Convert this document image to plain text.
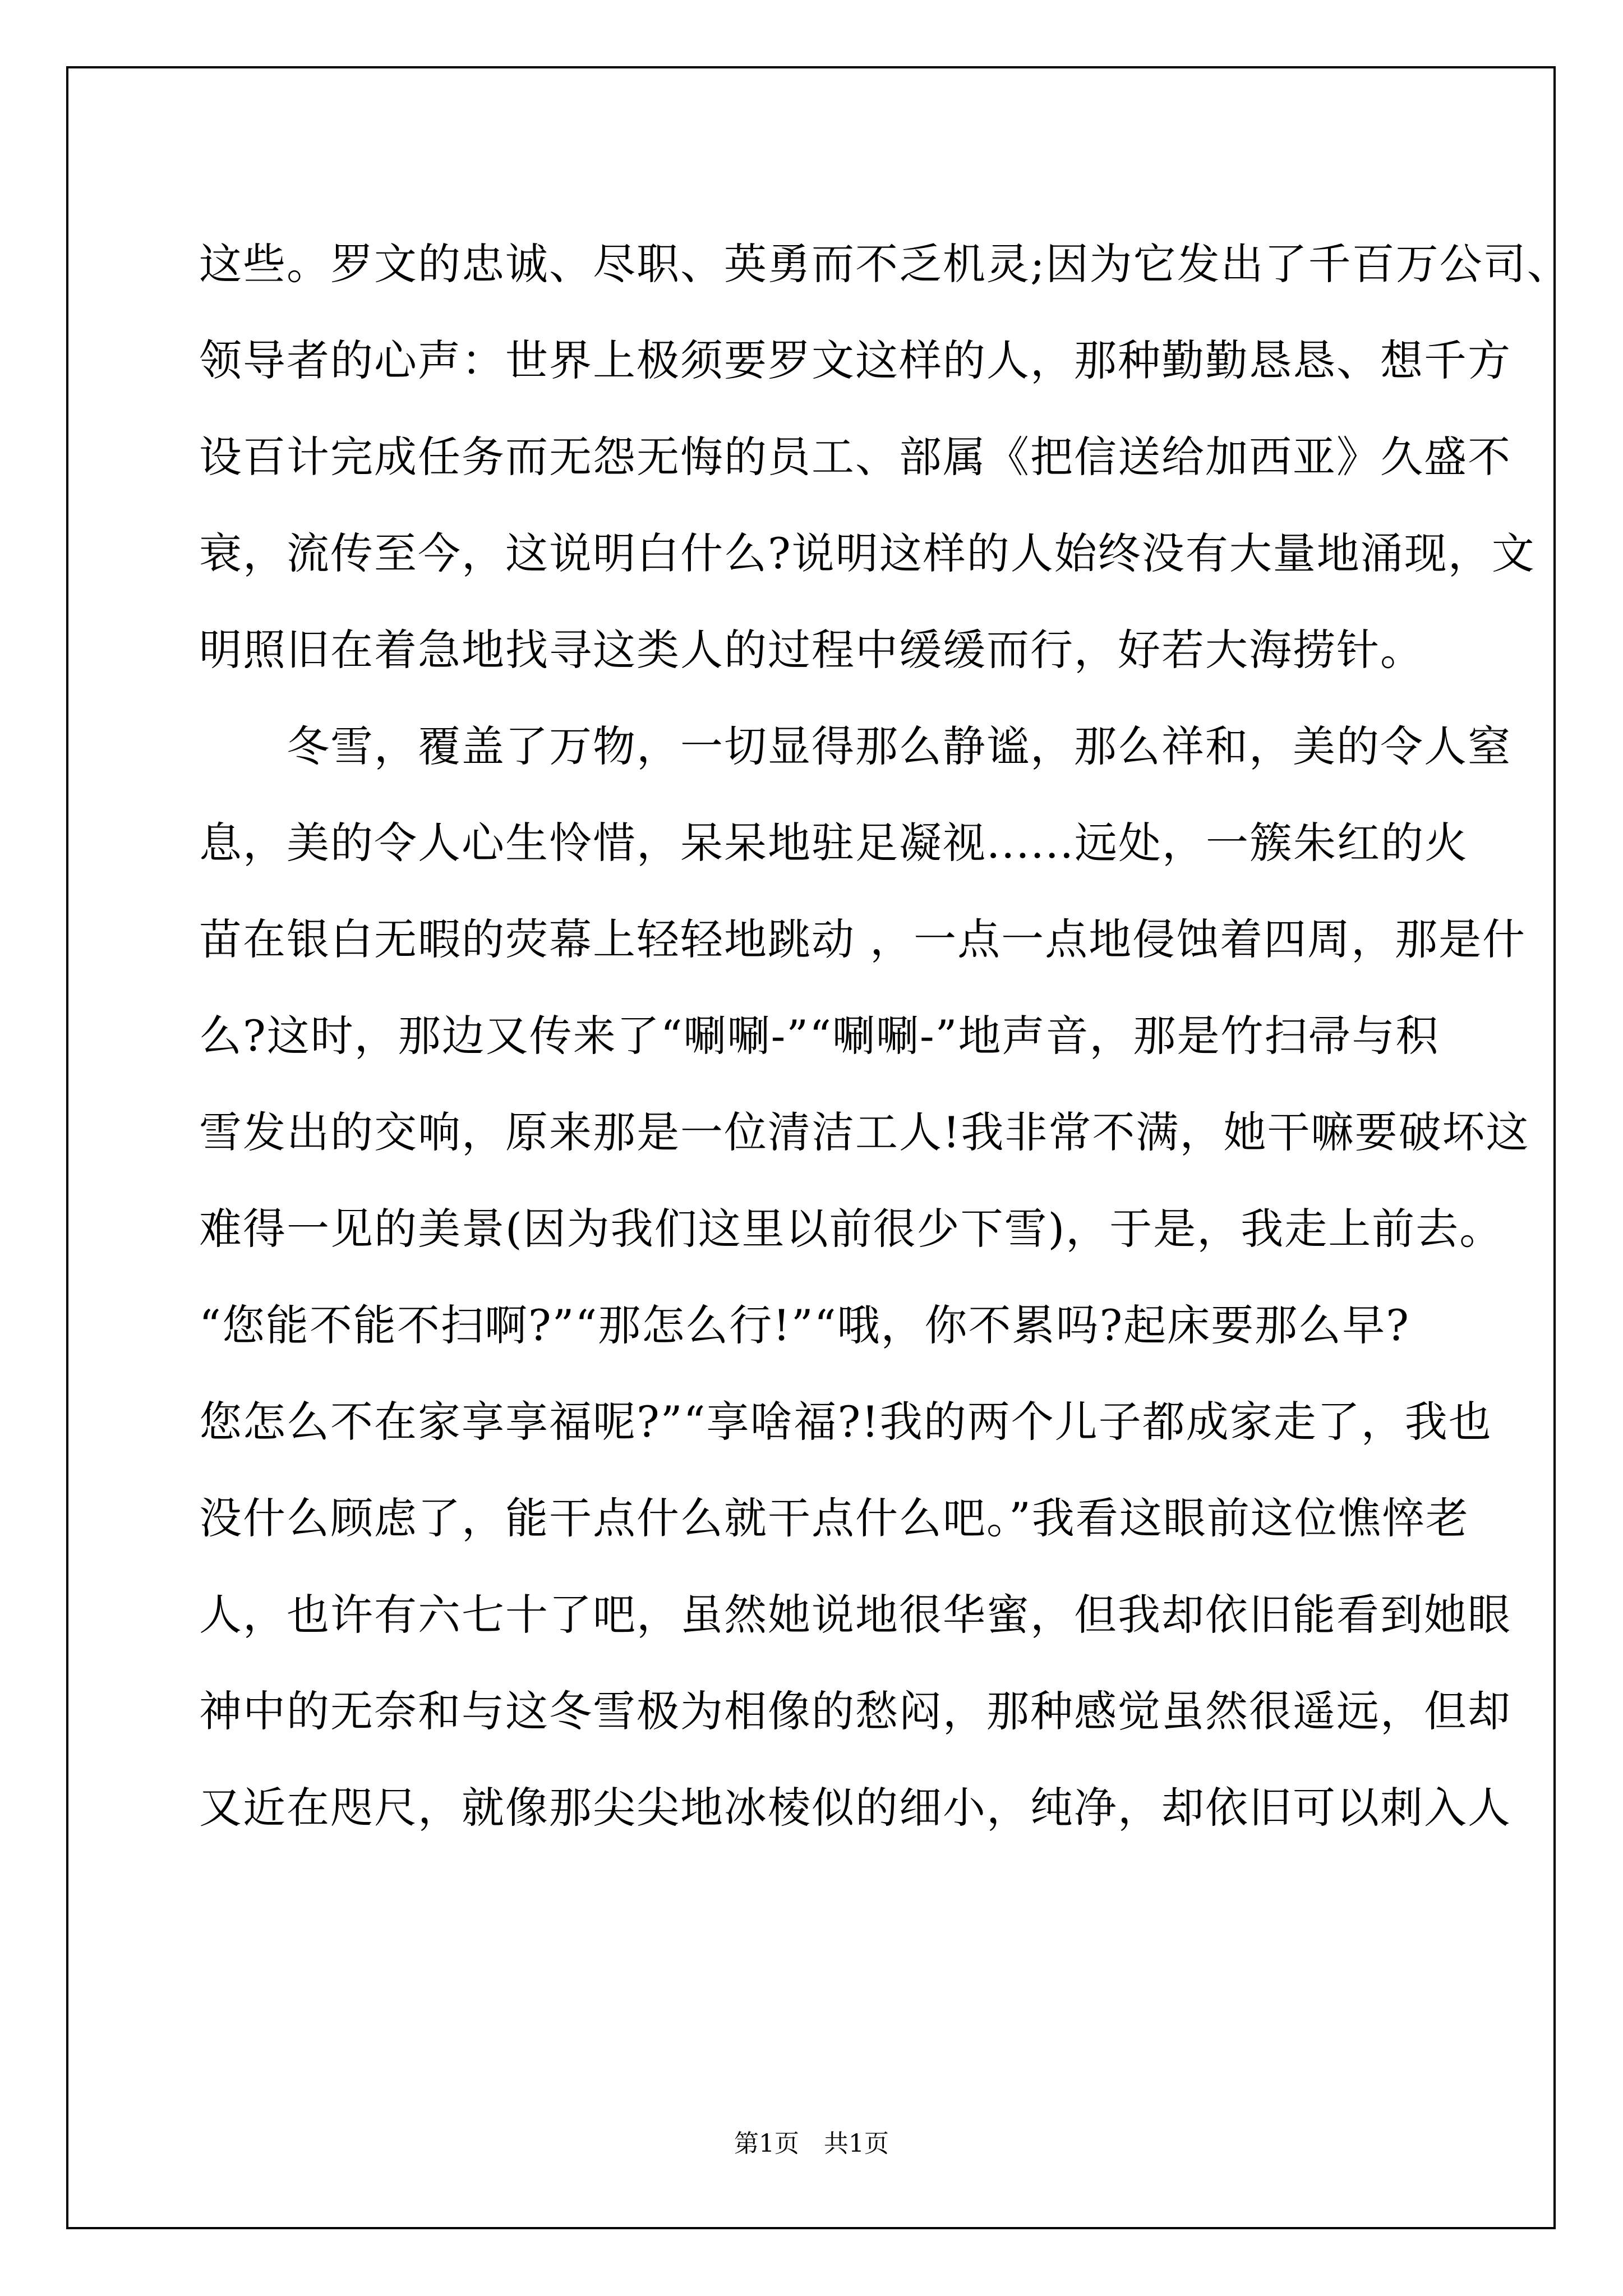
这些。罗文的忠诚、尽职、英勇而不乏机灵;因为它发出了千百万公司、
领导者的心声：世界上极须要罗文这样的人，那种勤勤恳恳、想千方
设百计完成任务而无怨无悔的员工、部属《把信送给加西亚》久盛不
衰，流传至今，这说明白什么?说明这样的人始终没有大量地涌现，文
明照旧在着急地找寻这类人的过程中缓缓而行，好若大海捞针。
　　冬雪，覆盖了万物，一切显得那么静谧，那么祥和，美的令人窒
息，美的令人心生怜惜，呆呆地驻足凝视......远处，一簇朱红的火
苗在银白无暇的荧幕上轻轻地跳动 ，一点一点地侵蚀着四周，那是什
么?这时，那边又传来了“唰唰-”“唰唰-”地声音，那是竹扫帚与积
雪发出的交响，原来那是一位清洁工人!我非常不满，她干嘛要破坏这
难得一见的美景(因为我们这里以前很少下雪)，于是，我走上前去。
“您能不能不扫啊?”“那怎么行!”“哦，你不累吗?起床要那么早?
您怎么不在家享享福呢?”“享啥福?!我的两个儿子都成家走了，我也
没什么顾虑了，能干点什么就干点什么吧。”我看这眼前这位憔悴老
人，也许有六七十了吧，虽然她说地很华蜜，但我却依旧能看到她眼
神中的无奈和与这冬雪极为相像的愁闷，那种感觉虽然很遥远，但却
又近在咫尺，就像那尖尖地冰棱似的细小，纯净，却依旧可以刺入人
第1页　共1页
